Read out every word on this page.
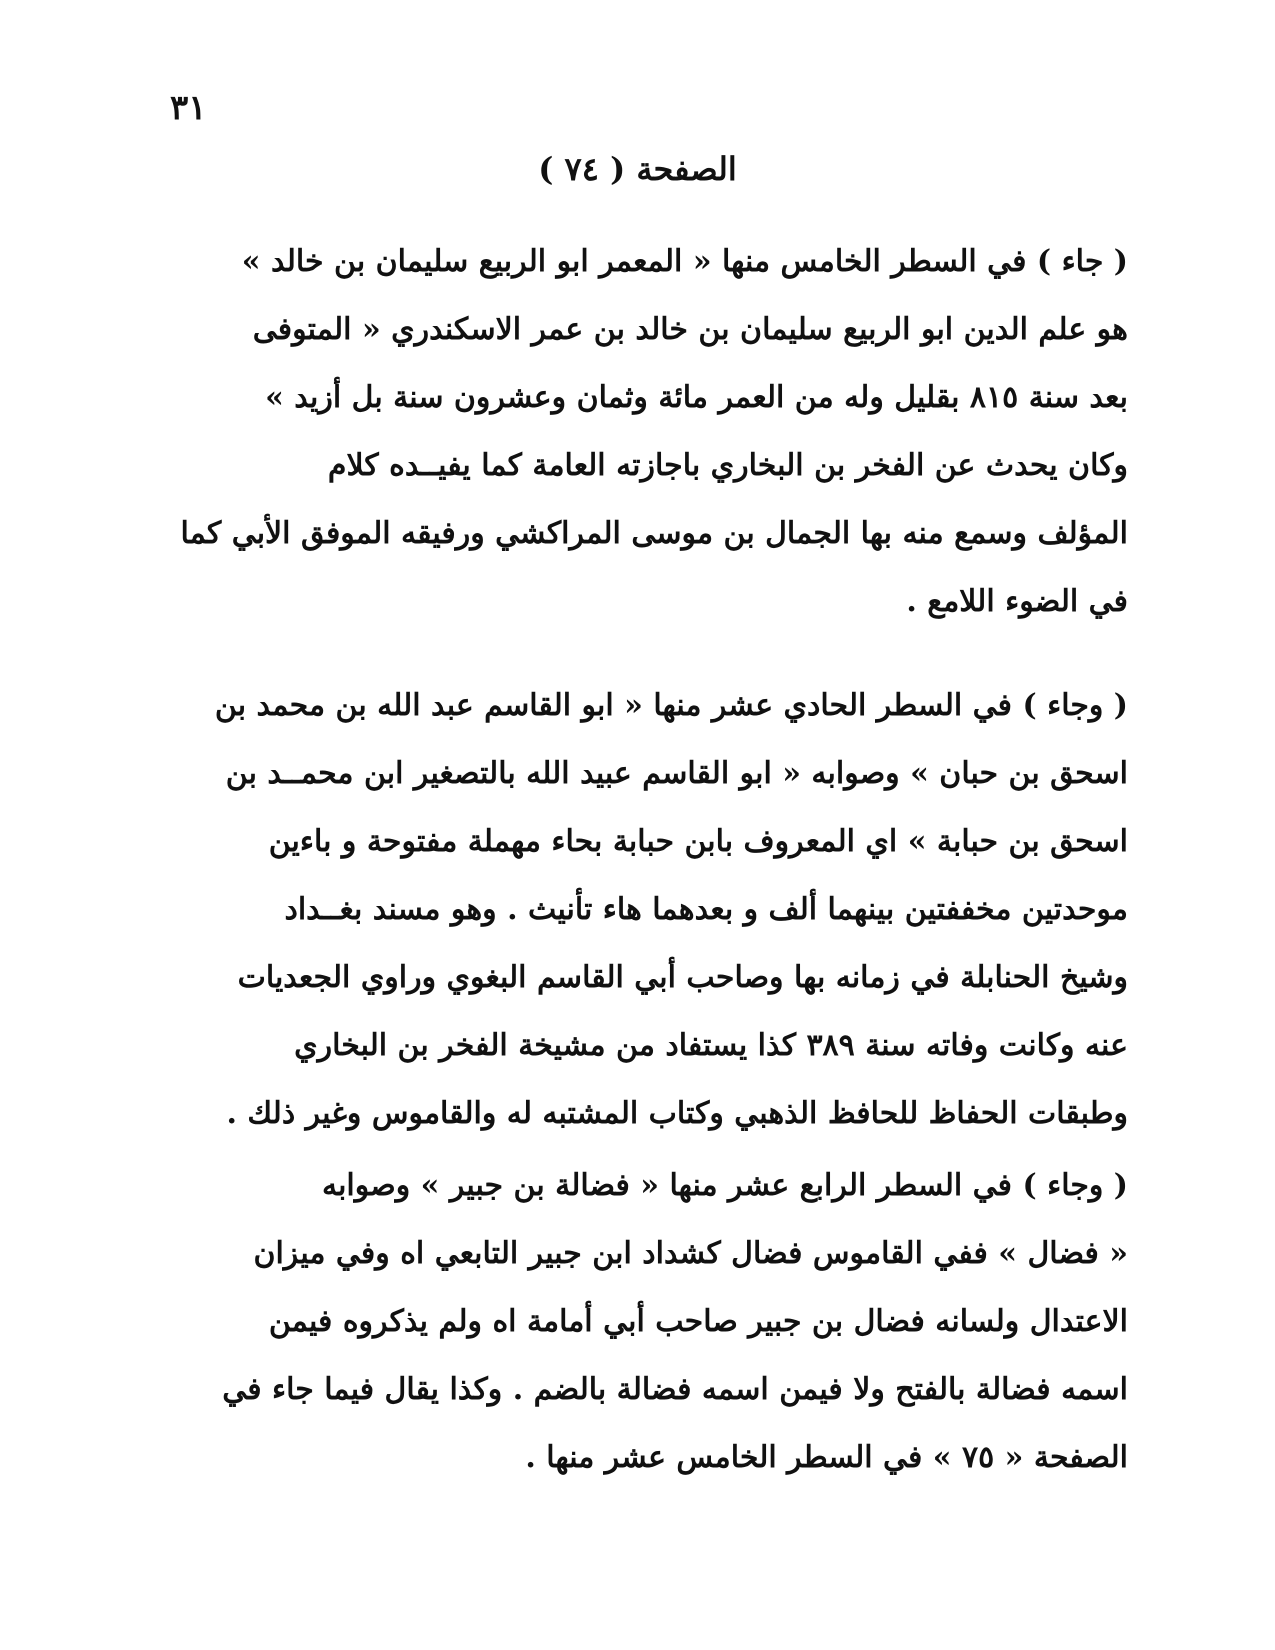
٣١
الصفحة ( ٧٤ )
( جاء ) في السطر الخامس منها « المعمر ابو الربيع سليمان بن خالد »
هو علم الدين ابو الربيع سليمان بن خالد بن عمر الاسكندري « المتوفى
بعد سنة ٨١٥ بقليل وله من العمر مائة وثمان وعشرون سنة بل أزيد »
وكان يحدث عن الفخر بن البخاري باجازته العامة كما يفيــده كلام
المؤلف وسمع منه بها الجمال بن موسى المراكشي ورفيقه الموفق الأبي كما
في الضوء اللامع .
( وجاء ) في السطر الحادي عشر منها « ابو القاسم عبد الله بن محمد بن
اسحق بن حبان » وصوابه « ابو القاسم عبيد الله بالتصغير ابن محمــد بن
اسحق بن حبابة » اي المعروف بابن حبابة بحاء مهملة مفتوحة و باءين
موحدتين مخففتين بينهما ألف و بعدهما هاء تأنيث . وهو مسند بغــداد
وشيخ الحنابلة في زمانه بها وصاحب أبي القاسم البغوي وراوي الجعديات
عنه وكانت وفاته سنة ٣٨٩ كذا يستفاد من مشيخة الفخر بن البخاري
وطبقات الحفاظ للحافظ الذهبي وكتاب المشتبه له والقاموس وغير ذلك .
( وجاء ) في السطر الرابع عشر منها « فضالة بن جبير » وصوابه
« فضال » ففي القاموس فضال كشداد ابن جبير التابعي اه وفي ميزان
الاعتدال ولسانه فضال بن جبير صاحب أبي أمامة اه ولم يذكروه فيمن
اسمه فضالة بالفتح ولا فيمن اسمه فضالة بالضم . وكذا يقال فيما جاء في
الصفحة « ٧٥ » في السطر الخامس عشر منها .
